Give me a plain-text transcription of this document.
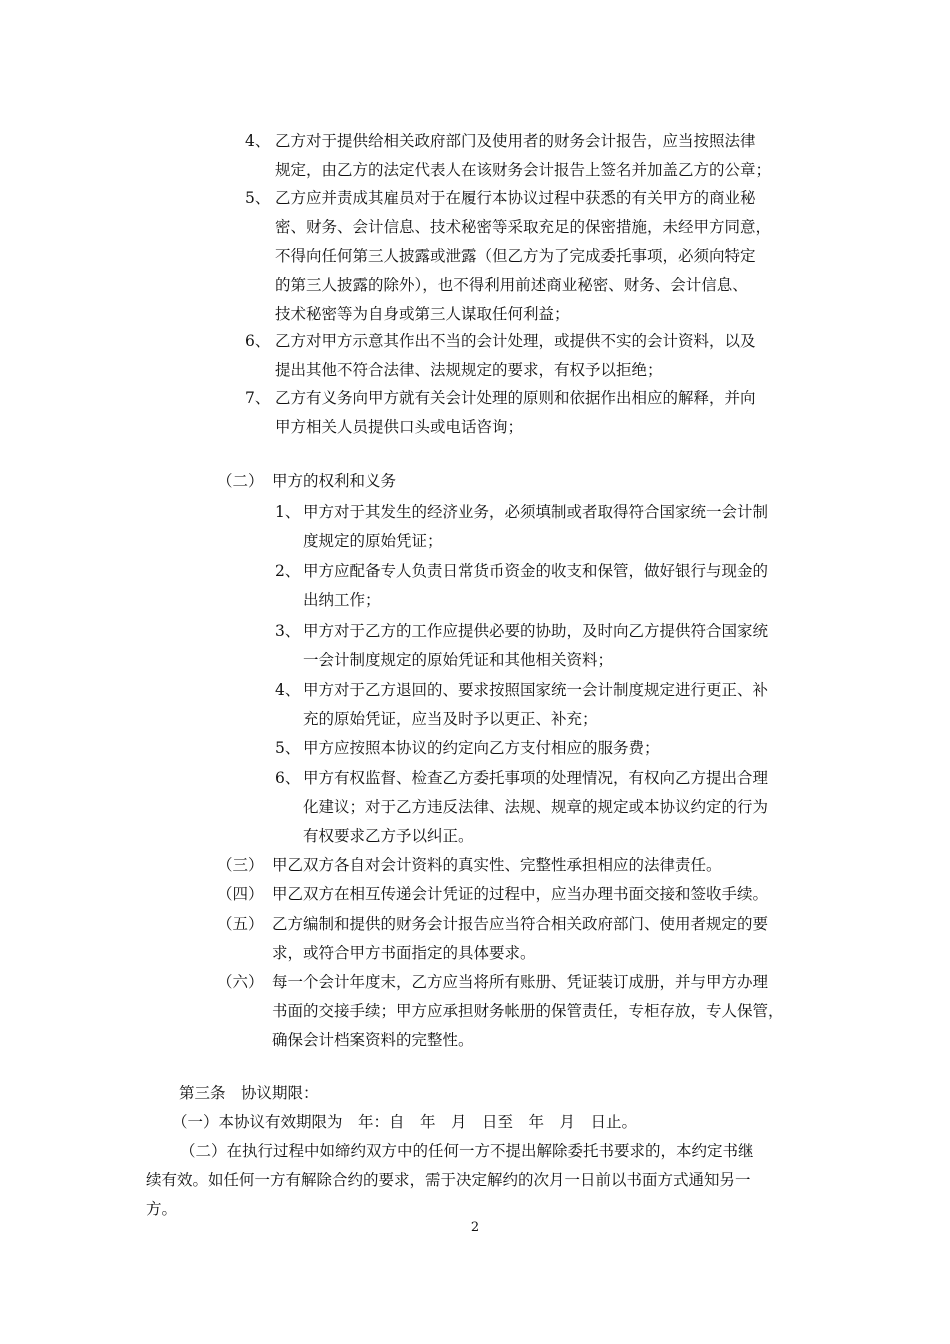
4、 乙方对于提供给相关政府部门及使用者的财务会计报告，应当按照法律
规定，由乙方的法定代表人在该财务会计报告上签名并加盖乙方的公章；
5、 乙方应并责成其雇员对于在履行本协议过程中获悉的有关甲方的商业秘
密、财务、会计信息、技术秘密等采取充足的保密措施，未经甲方同意，
不得向任何第三人披露或泄露（但乙方为了完成委托事项，必须向特定
的第三人披露的除外），也不得利用前述商业秘密、财务、会计信息、
技术秘密等为自身或第三人谋取任何利益；
6、 乙方对甲方示意其作出不当的会计处理，或提供不实的会计资料，以及
提出其他不符合法律、法规规定的要求，有权予以拒绝；
7、 乙方有义务向甲方就有关会计处理的原则和依据作出相应的解释，并向
甲方相关人员提供口头或电话咨询；
（二） 甲方的权利和义务
1、 甲方对于其发生的经济业务，必须填制或者取得符合国家统一会计制
度规定的原始凭证；
2、 甲方应配备专人负责日常货币资金的收支和保管，做好银行与现金的
出纳工作；
3、 甲方对于乙方的工作应提供必要的协助，及时向乙方提供符合国家统
一会计制度规定的原始凭证和其他相关资料；
4、 甲方对于乙方退回的、要求按照国家统一会计制度规定进行更正、补
充的原始凭证，应当及时予以更正、补充；
5、 甲方应按照本协议的约定向乙方支付相应的服务费；
6、 甲方有权监督、检查乙方委托事项的处理情况，有权向乙方提出合理
化建议；对于乙方违反法律、法规、规章的规定或本协议约定的行为
有权要求乙方予以纠正。
（三） 甲乙双方各自对会计资料的真实性、完整性承担相应的法律责任。
（四） 甲乙双方在相互传递会计凭证的过程中，应当办理书面交接和签收手续。
（五） 乙方编制和提供的财务会计报告应当符合相关政府部门、使用者规定的要
求，或符合甲方书面指定的具体要求。
（六） 每一个会计年度末，乙方应当将所有账册、凭证装订成册，并与甲方办理
书面的交接手续；甲方应承担财务帐册的保管责任，专柜存放，专人保管，
确保会计档案资料的完整性。
第三条　协议期限：
（一）本协议有效期限为　年：自　年　月　日至　年　月　日止。
（二）在执行过程中如缔约双方中的任何一方不提出解除委托书要求的，本约定书继
续有效。如任何一方有解除合约的要求，需于决定解约的次月一日前以书面方式通知另一
方。
2
